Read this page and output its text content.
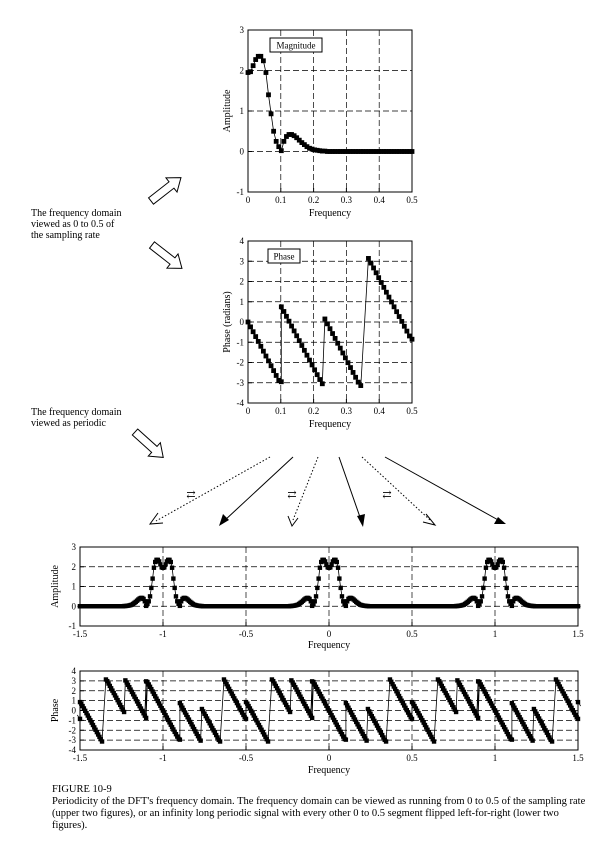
0	0.1 0.2 0.3 0.4 0.5
-1
0
1
2
3
Frequency
Amplitude
Magnitude
0	0.1 0.2 0.3 0.4 0.5
-4
-3
-2
-1
0
1
2
3
4
Frequency
Phase (radians)
Phase
-1.5	-1	-0.5	0	0.5	1	1.5
-1
0
1
2
3
Frequency
Amplitude
-1.5	-1	-0.5	0	0.5	1	1.5
-4
-3
-2
-1
0
1
2
3
4
Frequency
Phase
⇄	⇄	⇄
The frequency domain
viewed as 0 to 0.5 of
the sampling rate
The frequency domain
viewed as periodic
FIGURE 10-9
Periodicity of the DFT's frequency domain. The frequency domain can be viewed as running from 0 to 0.5 of the sampling rate (upper two figures), or an infinity long periodic signal with every other 0 to 0.5 segment flipped left-for-right (lower two figures).
